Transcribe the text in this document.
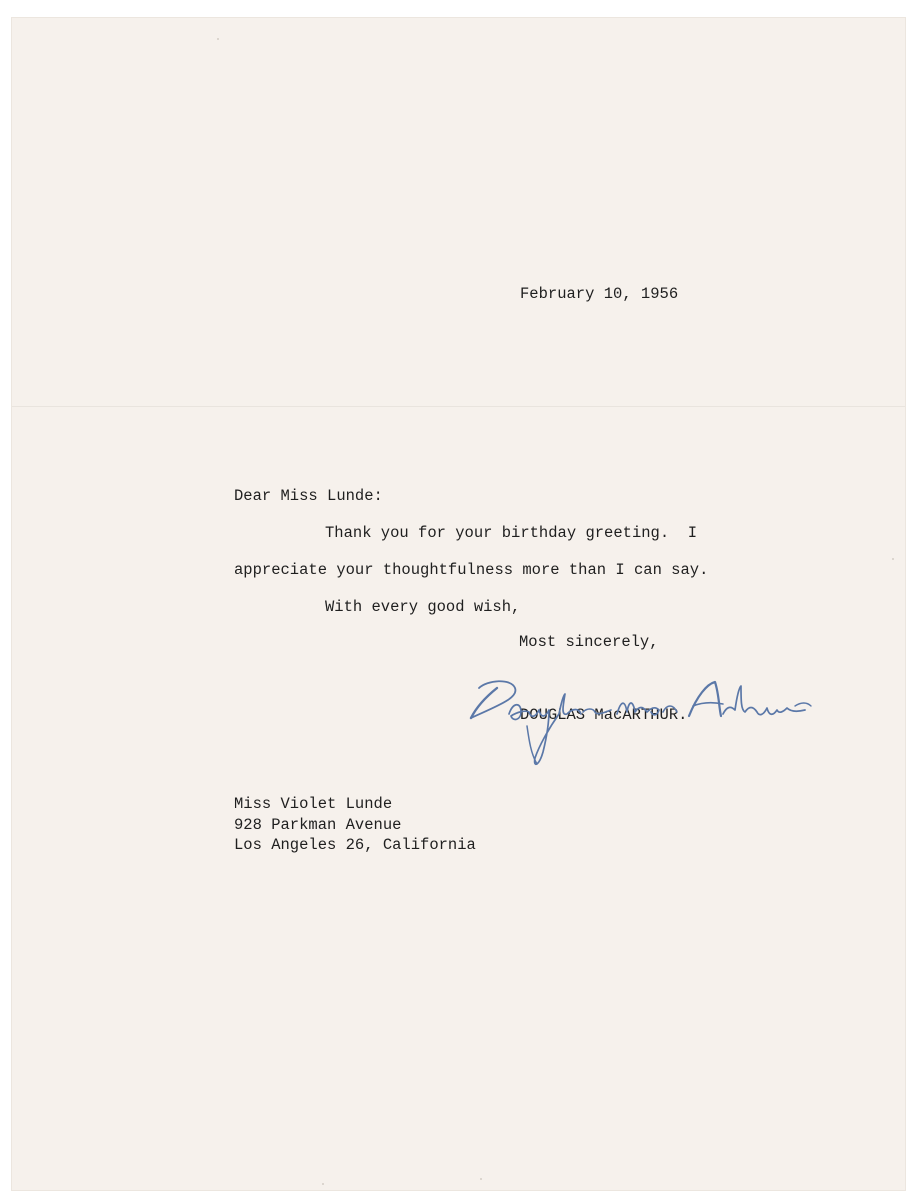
February 10, 1956
Dear Miss Lunde:
Thank you for your birthday greeting.  I
appreciate your thoughtfulness more than I can say.
With every good wish,
Most sincerely,
DOUGLAS MacARTHUR.
Miss Violet Lunde
928 Parkman Avenue
Los Angeles 26, California
